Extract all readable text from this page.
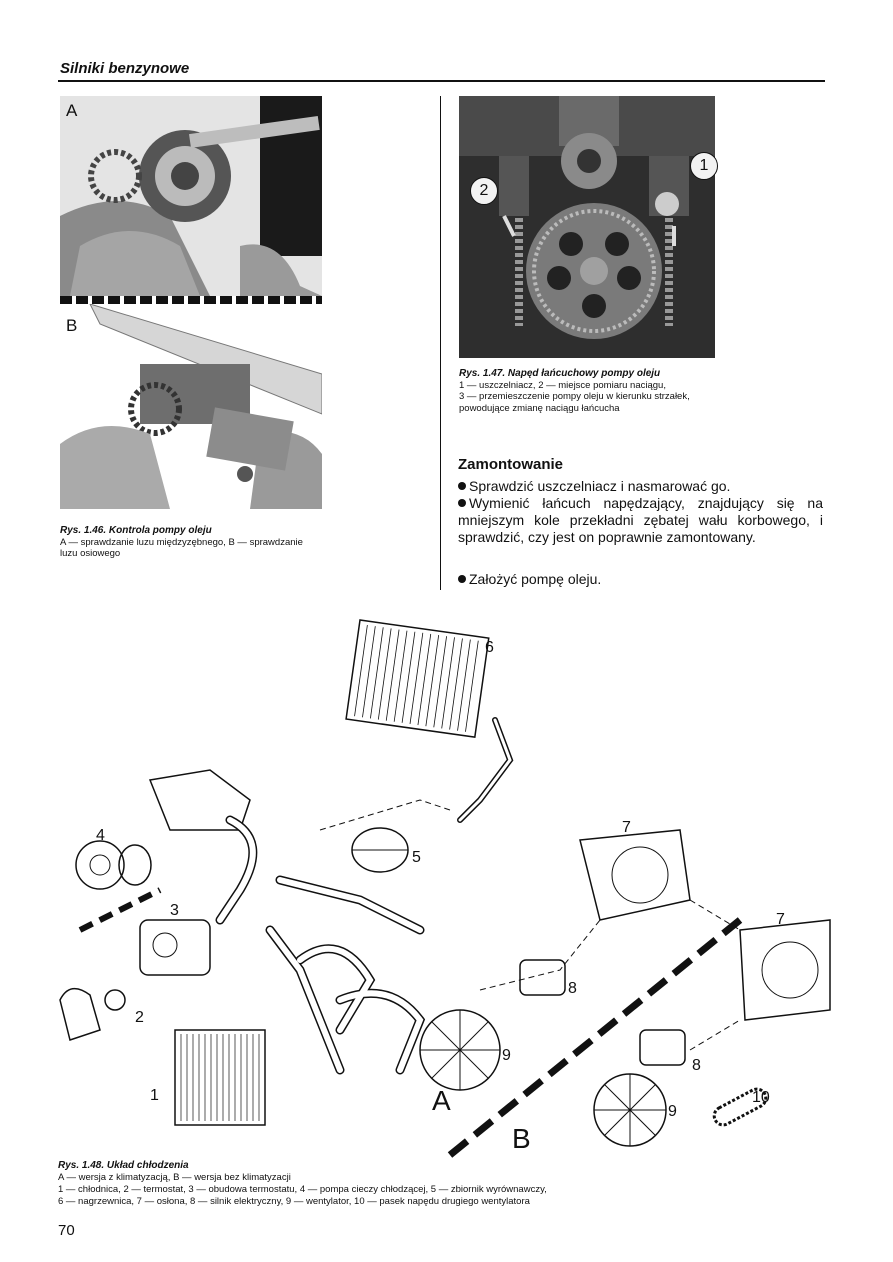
Silniki benzynowe
A
B
Rys. 1.46. Kontrola pompy oleju
A — sprawdzanie luzu międzyzębnego, B — sprawdzanie
luzu osiowego
2
1
Rys. 1.47. Napęd łańcuchowy pompy oleju
1 — uszczelniacz, 2 — miejsce pomiaru naciągu,
3 — przemieszczenie pompy oleju w kierunku strzałek,
powodujące zmianę naciągu łańcucha
Zamontowanie
Sprawdzić uszczelniacz i nasmarować go.
Wymienić łańcuch napędzający, znajdujący się na mniejszym kole przekładni zębatej wału korbowego, i sprawdzić, czy jest on poprawnie zamontowany.
Założyć pompę oleju.
6
4
3
2
1
5
7
7
8
8
9
9
10
A
B
Rys. 1.48. Układ chłodzenia
A — wersja z klimatyzacją, B — wersja bez klimatyzacji
1 — chłodnica, 2 — termostat, 3 — obudowa termostatu, 4 — pompa cieczy chłodzącej, 5 — zbiornik wyrównawczy,
6 — nagrzewnica, 7 — osłona, 8 — silnik elektryczny, 9 — wentylator, 10 — pasek napędu drugiego wentylatora
70
